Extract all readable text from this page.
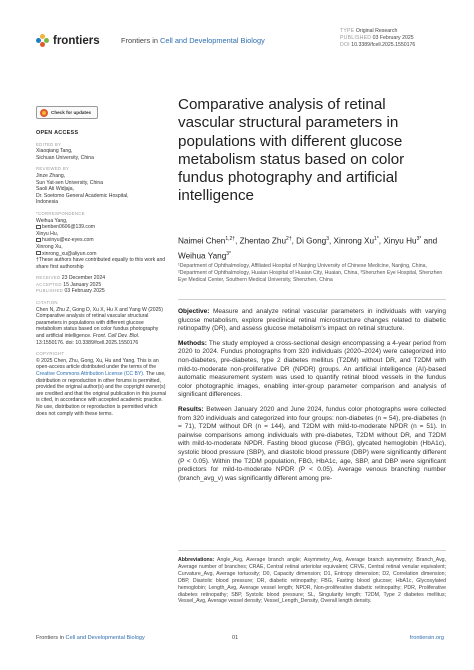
frontiers	Frontiers in Cell and Developmental Biology
TYPE Original Research
PUBLISHED 03 February 2025
DOI 10.3389/fcell.2025.1550176
Check for updates
OPEN ACCESS
EDITED BY
Xiaoqiang Tang,
Sichuan University, China
REVIEWED BY
Jinze Zhang,
Sun Yat-sen University, China
Saoli Ati Widjaja,
Dr. Soetomo General Academic Hospital,
Indonesia
*CORRESPONDENCE
Weihua Yang,
benben0606@139.com
Xinyu Hu,
huxinyu@ez-eyes.com
Xinrong Xu,
xinrong_xu@aliyun.com
†These authors have contributed equally to this work and share first authorship
RECEIVED 23 December 2024
ACCEPTED 15 January 2025
PUBLISHED 03 February 2025
CITATION
Chen N, Zhu Z, Gong D, Xu X, Hu X and Yang W (2025) Comparative analysis of retinal vascular structural parameters in populations with different glucose metabolism status based on color fundus photography and artificial intelligence. Front. Cell Dev. Biol. 13:1550176. doi: 10.3389/fcell.2025.1550176
COPYRIGHT
© 2025 Chen, Zhu, Gong, Xu, Hu and Yang. This is an open-access article distributed under the terms of the Creative Commons Attribution License (CC BY). The use, distribution or reproduction in other forums is permitted, provided the original author(s) and the copyright owner(s) are credited and that the original publication in this journal is cited, in accordance with accepted academic practice. No use, distribution or reproduction is permitted which does not comply with these terms.
Comparative analysis of retinal vascular structural parameters in populations with different glucose metabolism status based on color fundus photography and artificial intelligence
Naimei Chen$^{1,2\dagger}$, Zhentao Zhu$^{2\dagger}$, Di Gong$^3$, Xinrong $Xu^{1*}$, Xinyu $Hu^{3*}$ and Weihua Yang$^{3*}$
¹Department of Ophthalmology, Affiliated Hospital of Nanjing University of Chinese Medicine, Nanjing, China, ²Department of Ophthalmology, Huaian Hospital of Huaian City, Huaian, China, ³Shenzhen Eye Hospital, Shenzhen Eye Medical Center, Southern Medical University, Shenzhen, China

Objective: Measure and analyze retinal vascular parameters in individuals with varying glucose metabolism, explore preclinical retinal microstructure changes related to diabetic retinopathy (DR), and assess glucose metabolism's impact on retinal structure.

Methods: The study employed a cross-sectional design encompassing a 4-year period from 2020 to 2024. Fundus photographs from 320 individuals (2020–2024) were categorized into non-diabetes, pre-diabetes, type 2 diabetes mellitus (T2DM) without DR, and T2DM with mild-to-moderate non-proliferative DR (NPDR) groups. An artificial intelligence (AI)-based automatic measurement system was used to quantify retinal blood vessels in the fundus color photographic images, enabling inter-group parameter comparison and analysis of significant differences.

Results: Between January 2020 and June 2024, fundus color photographs were collected from 320 individuals and categorized into four groups: non-diabetes (n = 54), pre-diabetes (n = 71), T2DM without DR (n = 144), and T2DM with mild-to-moderate NPDR (n = 51). In pairwise comparisons among individuals with pre-diabetes, T2DM without DR, and T2DM with mild-to-moderate NPDR. Fasting blood glucose (FBG), glycated hemoglobin (HbA1c), systolic blood pressure (SBP), and diastolic blood pressure (DBP) were significantly different (P < 0.05). Within the T2DM population, FBG, HbA1c, age, SBP, and DBP were significant predictors for mild-to-moderate NPDR (P < 0.05). Average venous branching number (branch_avg_v) was significantly different among pre-

Abbreviations: Angle_Avg, Average branch angle; Asymmetry_Avg, Average branch asymmetry; Branch_Avg, Average number of branches; CRAE, Central retinal arteriolar equivalent; CRVE, Central retinal venular equivalent; Curvature_Avg, Average tortuosity; D0, Capacity dimension; D1, Entropy dimension; D2, Correlation dimension; DBP, Diastolic blood pressure; DR, diabetic retinopathy; FBG, Fasting blood glucose; HbA1c, Glycosylated hemoglobin; Length_Avg, Average vessel length; NPDR, Non-proliferative diabetic retinopathy; PDR, Proliferative diabetes retinopathy; SBP, Systolic blood pressure; SL, Singularity length; T2DM, Type 2 diabetes mellitus; Vessel_Avg, Average vessel density; Vessel_Length_Density, Overall length density.
Frontiers in Cell and Developmental Biology	01	frontiersin.org
